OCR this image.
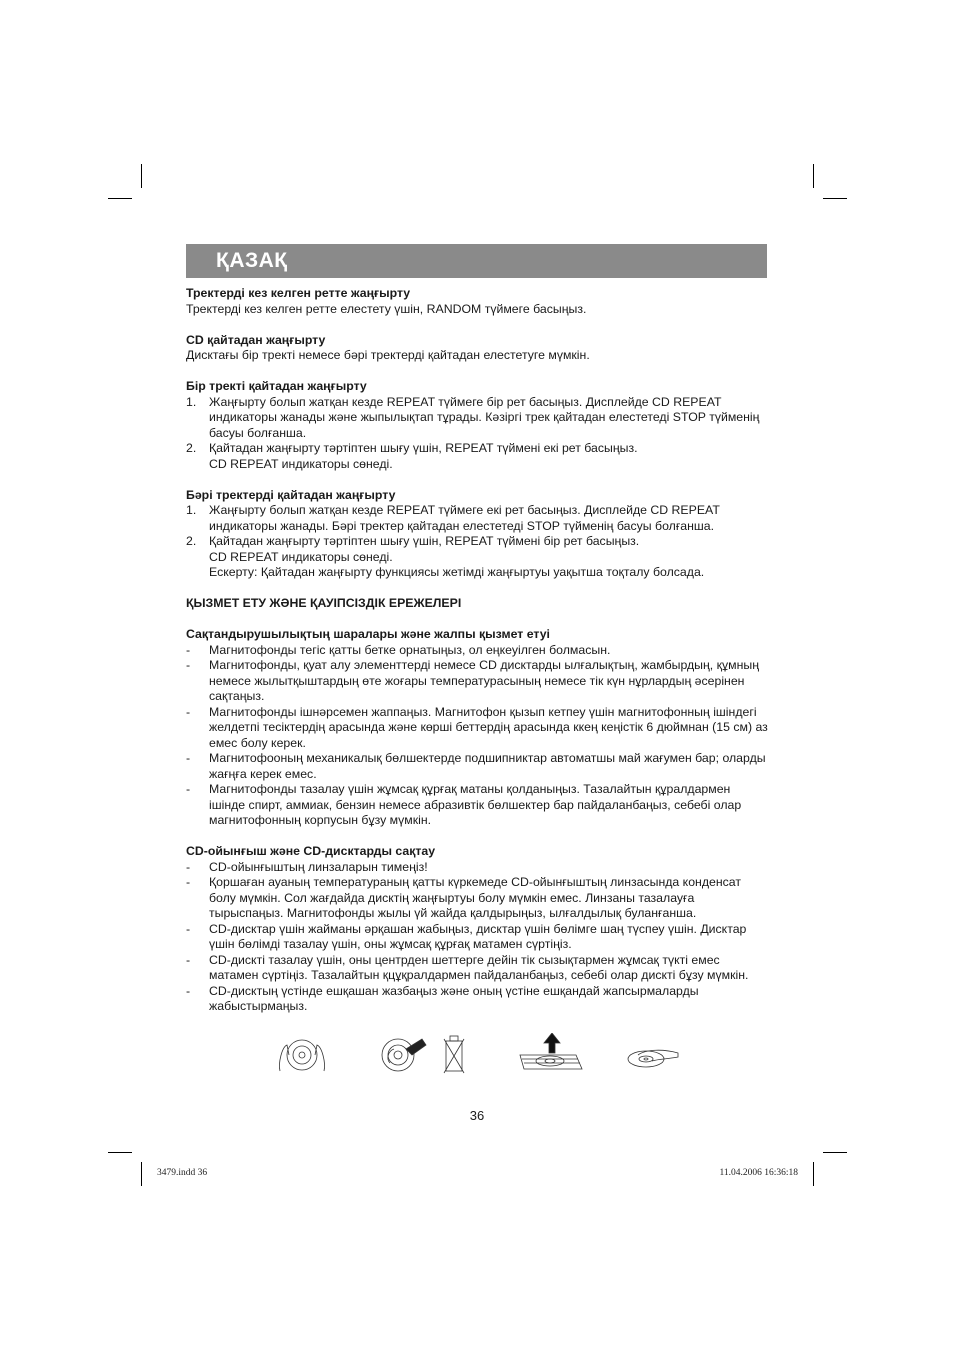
ҚАЗАҚ
Тректерді кез келген ретте жаңғырту
Тректерді кез келген ретте елестету үшін, RANDOM түймеге басыңыз.
CD қайтадан жаңғырту
Дисктағы бір тректі немесе бәрі тректерді қайтадан елестетуге мүмкін.
Бір тректі қайтадан жаңғырту
1. Жаңғырту болып жатқан кезде REPEAT түймеге бір рет басыңыз. Дисплейде CD REPEAT индикаторы жанады және жыпылықтап тұрады. Кәзіргі трек қайтадан елестетеді STOP түйменің басуы болғанша.
2. Қайтадан жаңғырту тәртіптен шығу үшін, REPEAT түймені екі рет басыңыз.
CD REPEAT индикаторы сөнеді.
Бәрі тректерді қайтадан жаңғырту
1. Жаңғырту болып жатқан кезде REPEAT түймеге екі рет басыңыз. Дисплейде CD REPEAT индикаторы жанады. Бәрі тректер қайтадан елестетеді STOP түйменің басуы болғанша.
2. Қайтадан жаңғырту тәртіптен шығу үшін, REPEAT түймені бір рет басыңыз.
CD REPEAT индикаторы сөнеді.
Ескерту: Қайтадан жаңғырту функциясы жетімді жаңғыртуы уақытша тоқталу болсада.
ҚЫЗМЕТ ЕТУ ЖӘНЕ ҚАУІПСІЗДІК ЕРЕЖЕЛЕРІ
Сақтандырушылықтың шаралары және жалпы қызмет етуі
- Магнитофонды тегіс қатты бетке орнатыңыз, ол еңкеуілген болмасын.
- Магнитофонды, қуат алу элементтерді немесе CD дисктарды ылғалықтың, жамбырдың, құмның немесе жылытқыштардың өте жоғары температурасының немесе тік күн нұрлардың әсерінен сақтаңыз.
- Магнитофонды ішнәрсемен жаппаңыз. Магнитофон қызып кетпеу үшін магнитофонның ішіндегі желдетпі тесіктердің арасында және көрші беттердің арасында ккең кеңістік 6 дюймнан (15 см) аз емес болу керек.
- Магнитофооның механикалық бөлшектерде подшипниктар автоматшы май жағумен бар; оларды жағңға керек емес.
- Магнитофонды тазалау үшін жұмсақ құрғақ матаны қолданыңыз. Тазалайтын құралдармен ішінде спирт, аммиак, бензин немесе абразивтік бөлшектер бар пайдаланбаңыз, себебі олар магнитофонның корпусын бұзу мүмкін.
CD-ойынғыш және CD-дисктарды сақтау
- CD-ойынғыштың линзаларын тимеңіз!
- Қоршаған ауаның температураның қатты күркемеде CD-ойынғыштың линзасында конденсат болу мүмкін. Сол жағдайда дисктің жаңғыртуы болу мүмкін емес. Линзаны тазалауға тырыспаңыз. Магнитофонды жылы үй жайда қалдырыңыз, ылғалдылық буланғанша.
- CD-дисктар үшін жайманы әрқашан жабыңыз, дисктар үшін бөлімге шаң түспеу үшін. Дисктар үшін бөлімді тазалау үшін, оны жұмсақ құрғақ матамен сүртіңіз.
- CD-дискті тазалау үшін, оны центрден шеттерге дейін тік сызықтармен жұмсақ түкті емес матамен сүртіңіз. Тазалайтын қцұқралдармен пайдаланбаңыз, себебі олар дискті бұзу мүмкін.
- CD-дисктың үстінде ешқашан жазбаңыз және оның үстіне ешқандай жапсырмаларды жабыстырмаңыз.
36
3479.indd 36	11.04.2006 16:36:18
